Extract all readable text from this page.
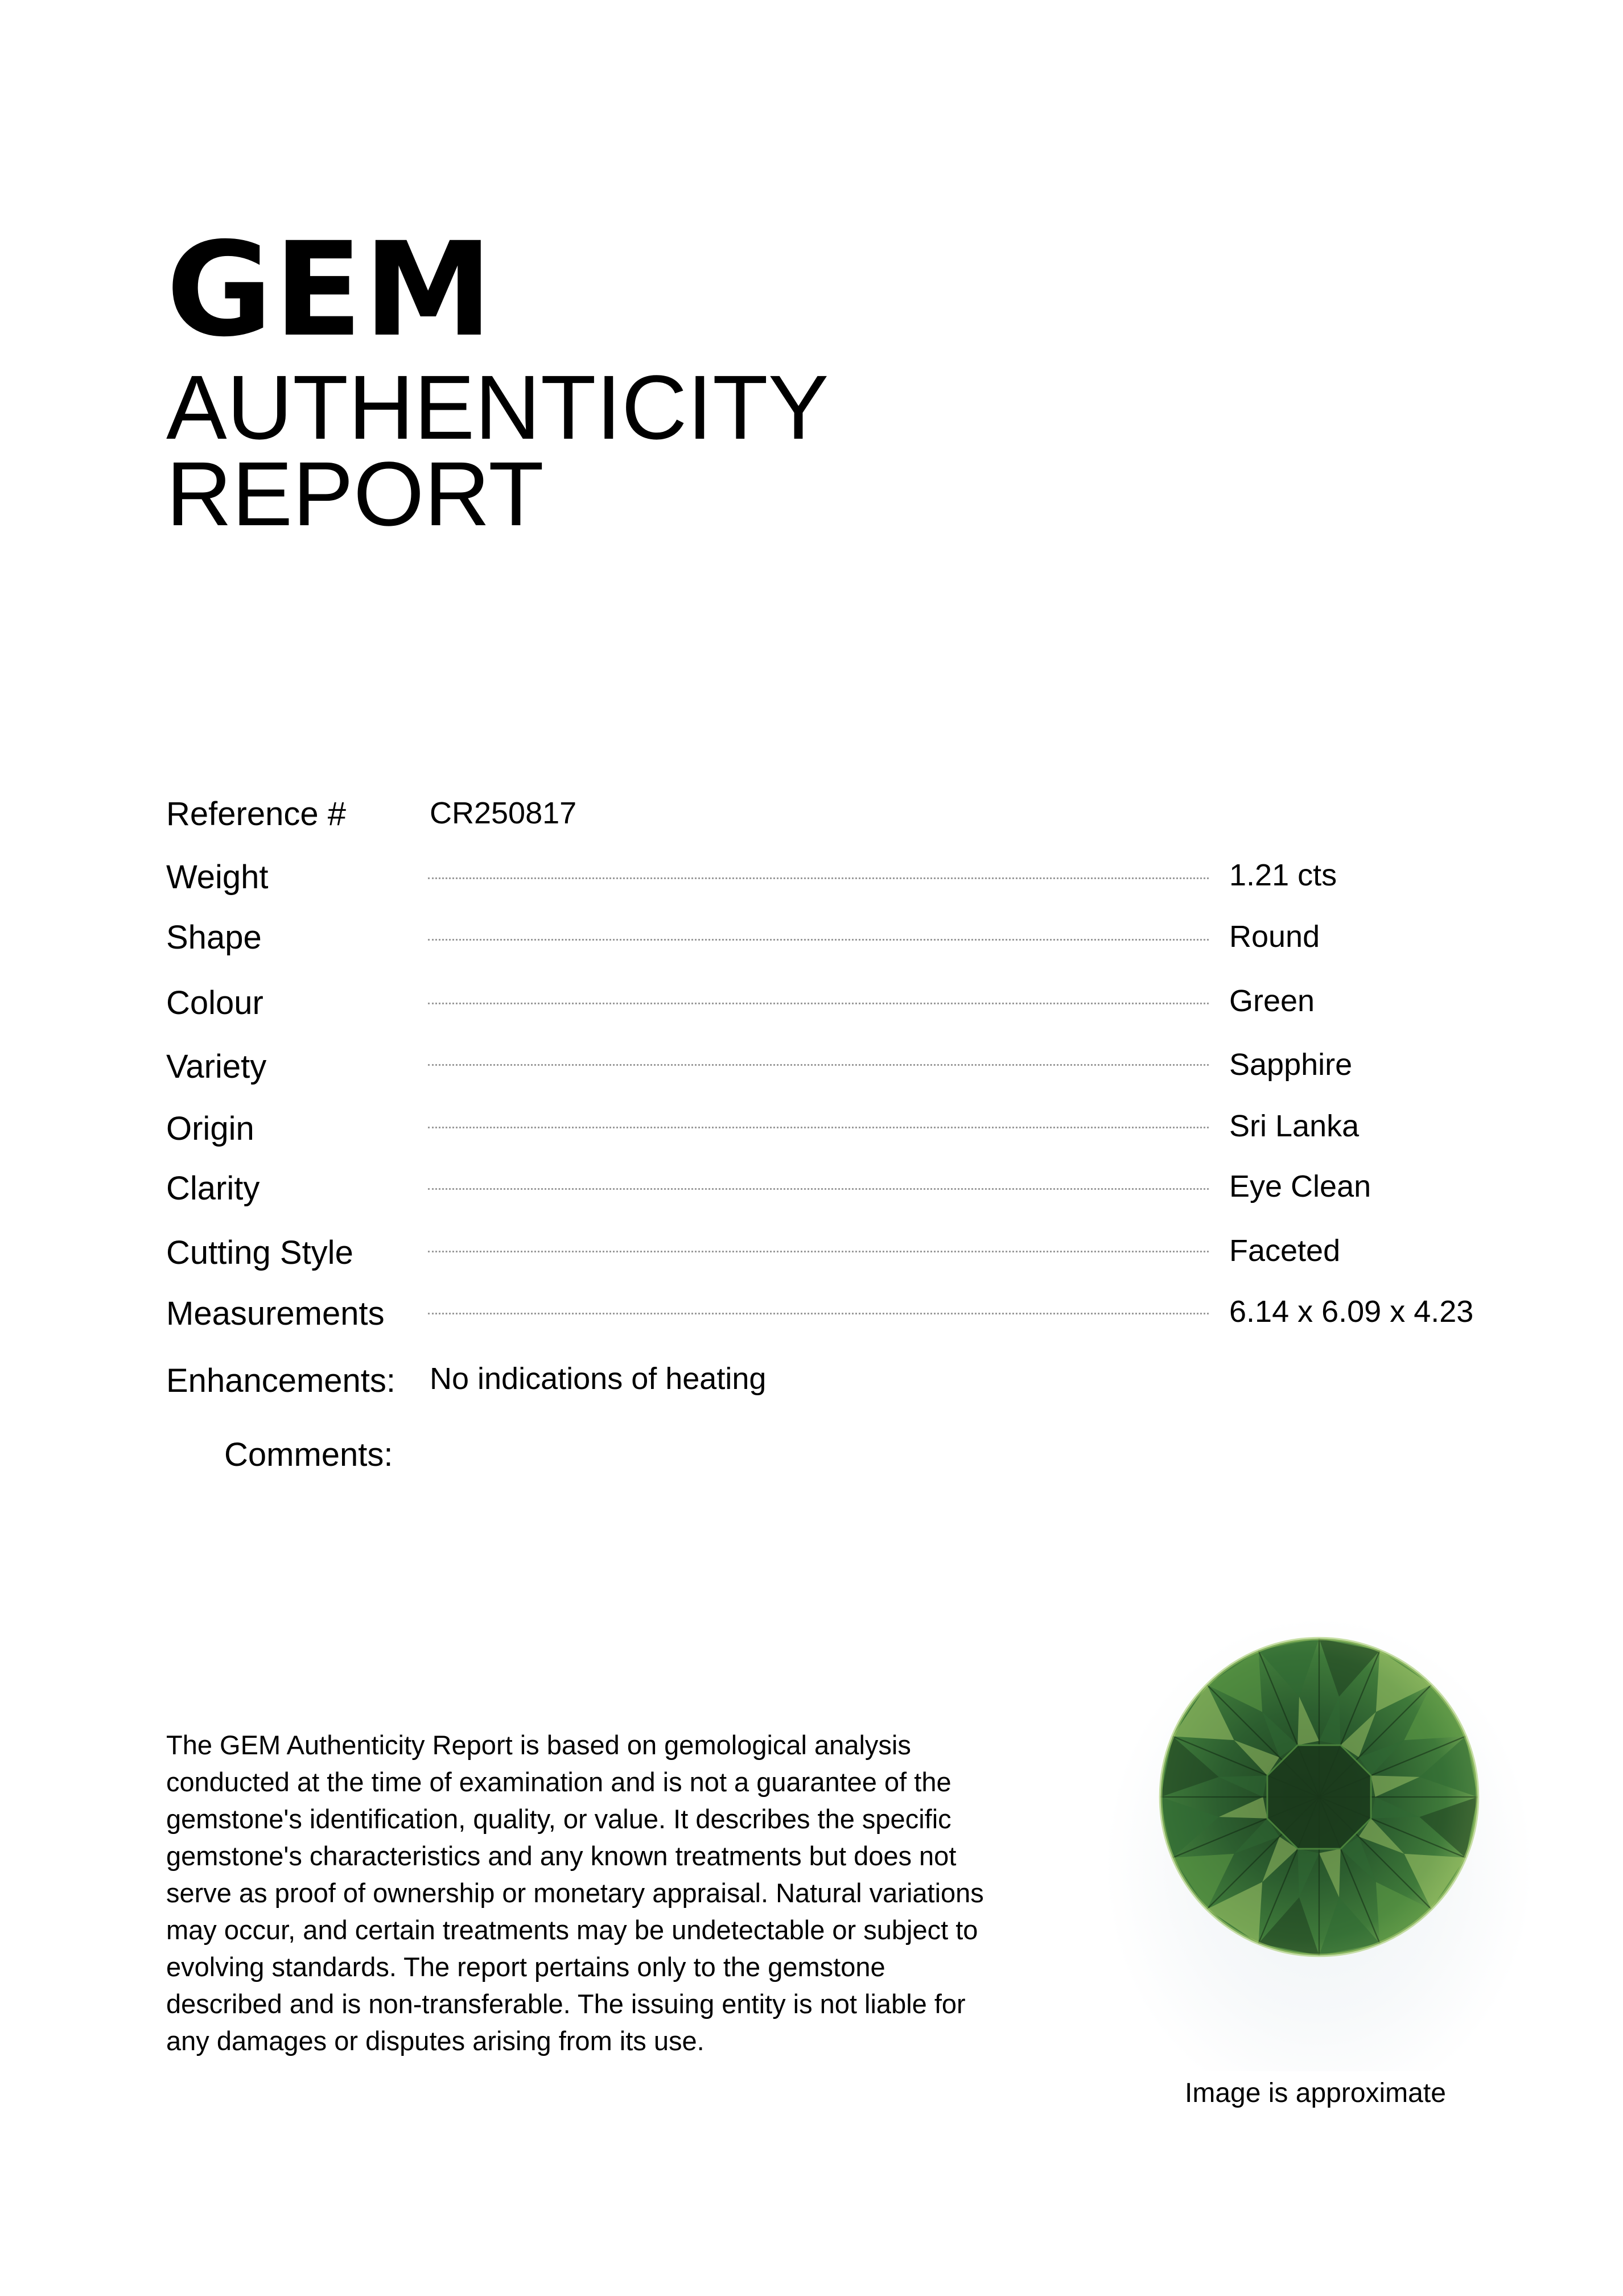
GEM
AUTHENTICITY
REPORT
Reference #	CR250817
Weight	1.21 cts
Shape	Round
Colour	Green
Variety	Sapphire
Origin	Sri Lanka
Clarity	Eye Clean
Cutting Style	Faceted
Measurements	6.14 x 6.09 x 4.23
Enhancements: No indications of heating
Comments:

The GEM Authenticity Report is based on gemological analysis conducted at the time of examination and is not a guarantee of the gemstone's identification, quality, or value. It describes the specific gemstone's characteristics and any known treatments but does not serve as proof of ownership or monetary appraisal. Natural variations may occur, and certain treatments may be undetectable or subject to evolving standards. The report pertains only to the gemstone described and is non-transferable. The issuing entity is not liable for any damages or disputes arising from its use.

Image is approximate
